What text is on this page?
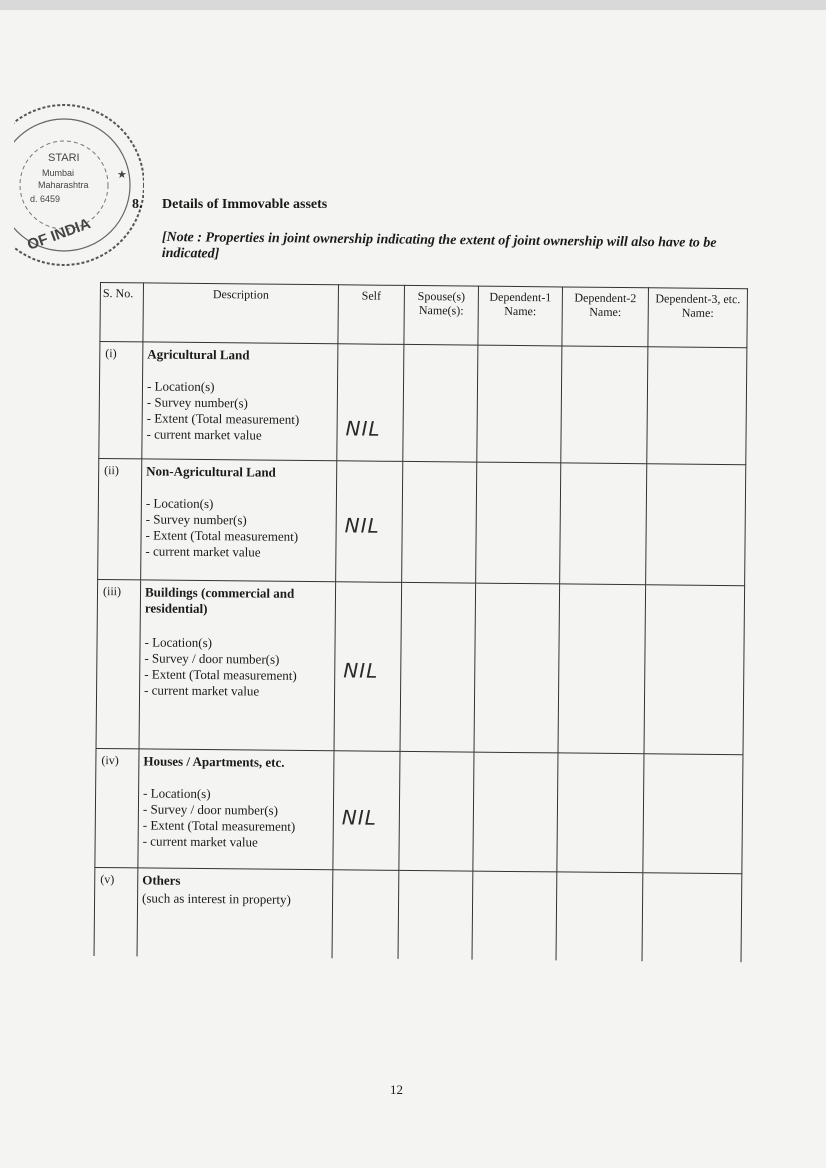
★
STARI
Mumbai
Maharashtra
d. 6459
OF INDIA
8. Details of Immovable assets
[Note : Properties in joint ownership indicating the extent of joint ownership will also have to be indicated]
S. No.	Description	Self	Spouse(s) Name(s):	Dependent-1 Name:	Dependent-2 Name:	Dependent-3, etc. Name:
(i)	Agricultural Land
- Location(s)
- Survey number(s)
- Extent (Total measurement)
- current market value	NIL				

(ii)	Non-Agricultural Land
- Location(s)
- Survey number(s)
- Extent (Total measurement)
- current market value	NIL				

(iii)	Buildings (commercial and residential)
- Location(s)
- Survey / door number(s)
- Extent (Total measurement)
- current market value	NIL				

(iv)	Houses / Apartments, etc.
- Location(s)
- Survey / door number(s)
- Extent (Total measurement)
- current market value	NIL				

(v)	Others
(such as interest in property)					

12
